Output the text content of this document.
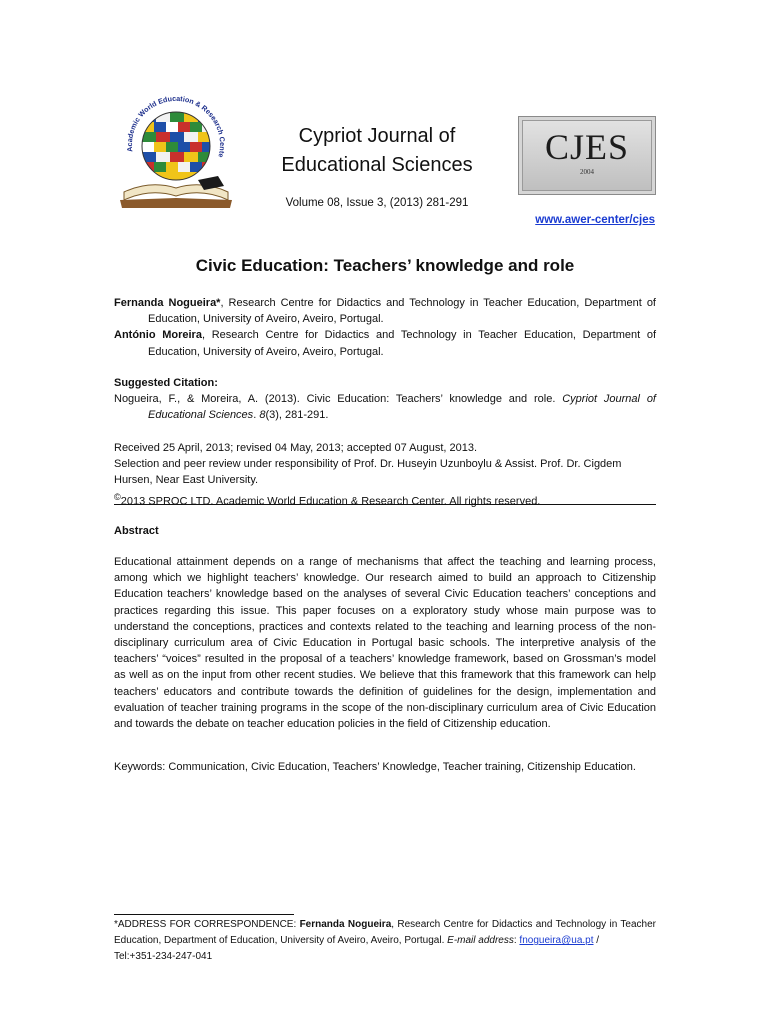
Academic World Education & Research Cente
Cypriot Journal of
Educational Sciences
Volume 08, Issue 3, (2013) 281-291
CJES
2004
www.awer-center/cjes
Civic Education: Teachers’ knowledge and role

Fernanda Nogueira*, Research Centre for Didactics and Technology in Teacher Education, Department of Education, University of Aveiro, Aveiro, Portugal.

António Moreira, Research Centre for Didactics and Technology in Teacher Education, Department of Education, University of Aveiro, Aveiro, Portugal.

Suggested Citation:

Nogueira, F., & Moreira, A. (2013). Civic Education: Teachers’ knowledge and role. Cypriot Journal of Educational Sciences. 8(3), 281-291.

Received 25 April, 2013; revised 04 May, 2013; accepted 07 August, 2013.

Selection and peer review under responsibility of Prof. Dr. Huseyin Uzunboylu & Assist. Prof. Dr. Cigdem Hursen, Near East University.

©2013 SPROC LTD. Academic World Education & Research Center. All rights reserved.

Abstract

Educational attainment depends on a range of mechanisms that affect the teaching and learning process, among which we highlight teachers’ knowledge. Our research aimed to build an approach to Citizenship Education teachers’ knowledge based on the analyses of several Civic Education teachers’ conceptions and practices regarding this issue. This paper focuses on a exploratory study whose main purpose was to understand the conceptions, practices and contexts related to the teaching and learning process of the non-disciplinary curriculum area of Civic Education in Portugal basic schools. The interpretive analysis of the teachers’ “voices” resulted in the proposal of a teachers’ knowledge framework, based on Grossman’s model as well as on the input from other recent studies. We believe that this framework that this framework can help teachers’ educators and contribute towards the definition of guidelines for the design, implementation and evaluation of teacher training programs in the scope of the non-disciplinary curriculum area of Civic Education and towards the debate on teacher education policies in the field of Citizenship education.

Keywords: Communication, Civic Education, Teachers’ Knowledge, Teacher training, Citizenship Education.

*ADDRESS FOR CORRESPONDENCE: Fernanda Nogueira, Research Centre for Didactics and Technology in Teacher Education, Department of Education, University of Aveiro, Aveiro, Portugal. E-mail address: fnogueira@ua.pt /
Tel:+351-234-247-041
